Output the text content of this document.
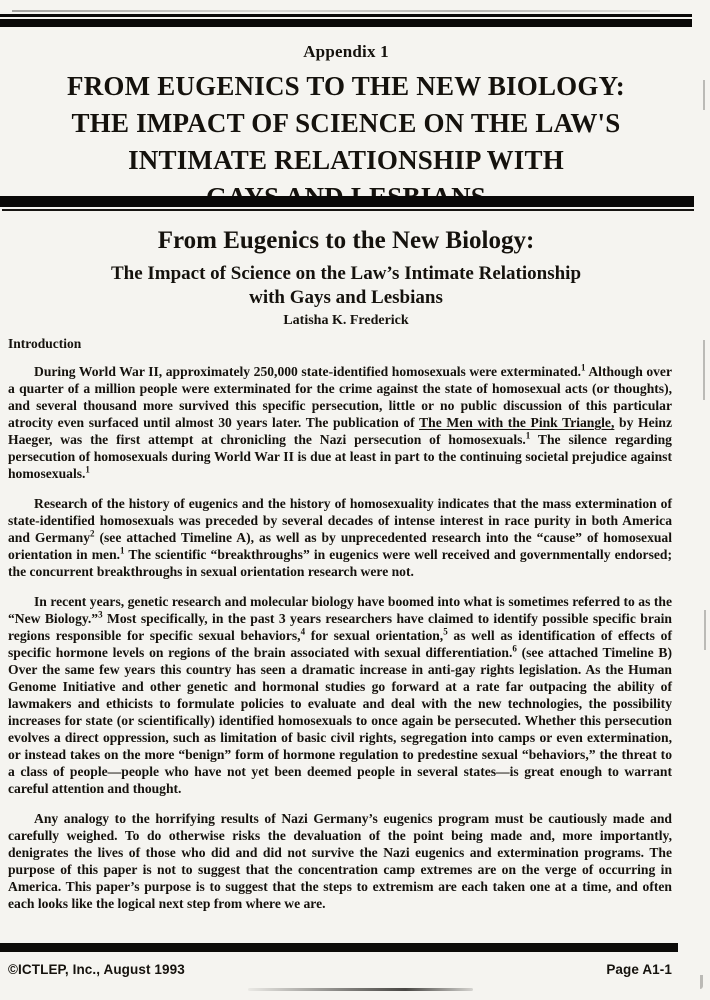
Appendix 1
FROM EUGENICS TO THE NEW BIOLOGY:
THE IMPACT OF SCIENCE ON THE LAW'S
INTIMATE RELATIONSHIP WITH
From Eugenics to the New Biology:
The Impact of Science on the Law’s Intimate Relationship
with Gays and Lesbians
Latisha K. Frederick
Introduction

During World War II, approximately 250,000 state-identified homosexuals were exterminated.$^1$ Although over a quarter of a million people were exterminated for the crime against the state of homosexual acts (or thoughts), and several thousand more survived this specific persecution, little or no public discussion of this particular atrocity even surfaced until almost 30 years later. The publication of The Men with the Pink Triangle, by Heinz Haeger, was the first attempt at chronicling the Nazi persecution of homosexuals.$^1$ The silence regarding persecution of homosexuals during World War II is due at least in part to the continuing societal prejudice against homosexuals.$^1$

Research of the history of eugenics and the history of homosexuality indicates that the mass extermination of state-identified homosexuals was preceded by several decades of intense interest in race purity in both America and Germany$^2$ (see attached Timeline A), as well as by unprecedented research into the “cause” of homosexual orientation in men.$^1$ The scientific “breakthroughs” in eugenics were well received and governmentally endorsed; the concurrent breakthroughs in sexual orientation research were not.

In recent years, genetic research and molecular biology have boomed into what is sometimes referred to as the “New Biology.”$^3$ Most specifically, in the past 3 years researchers have claimed to identify possible specific brain regions responsible for specific sexual behaviors,$^4$ for sexual orientation,$^5$ as well as identification of effects of specific hormone levels on regions of the brain associated with sexual differentiation.$^6$ (see attached Timeline B) Over the same few years this country has seen a dramatic increase in anti-gay rights legislation. As the Human Genome Initiative and other genetic and hormonal studies go forward at a rate far outpacing the ability of lawmakers and ethicists to formulate policies to evaluate and deal with the new technologies, the possibility increases for state (or scientifically) identified homosexuals to once again be persecuted. Whether this persecution evolves a direct oppression, such as limitation of basic civil rights, segregation into camps or even extermination, or instead takes on the more “benign” form of hormone regulation to predestine sexual “behaviors,” the threat to a class of people—people who have not yet been deemed people in several states—is great enough to warrant careful attention and thought.

Any analogy to the horrifying results of Nazi Germany’s eugenics program must be cautiously made and carefully weighed. To do otherwise risks the devaluation of the point being made and, more importantly, denigrates the lives of those who did and did not survive the Nazi eugenics and extermination programs. The purpose of this paper is not to suggest that the concentration camp extremes are on the verge of occurring in America. This paper’s purpose is to suggest that the steps to extremism are each taken one at a time, and often each looks like the logical next step from where we are.

©ICTLEP, Inc., August 1993	Page A1-1
